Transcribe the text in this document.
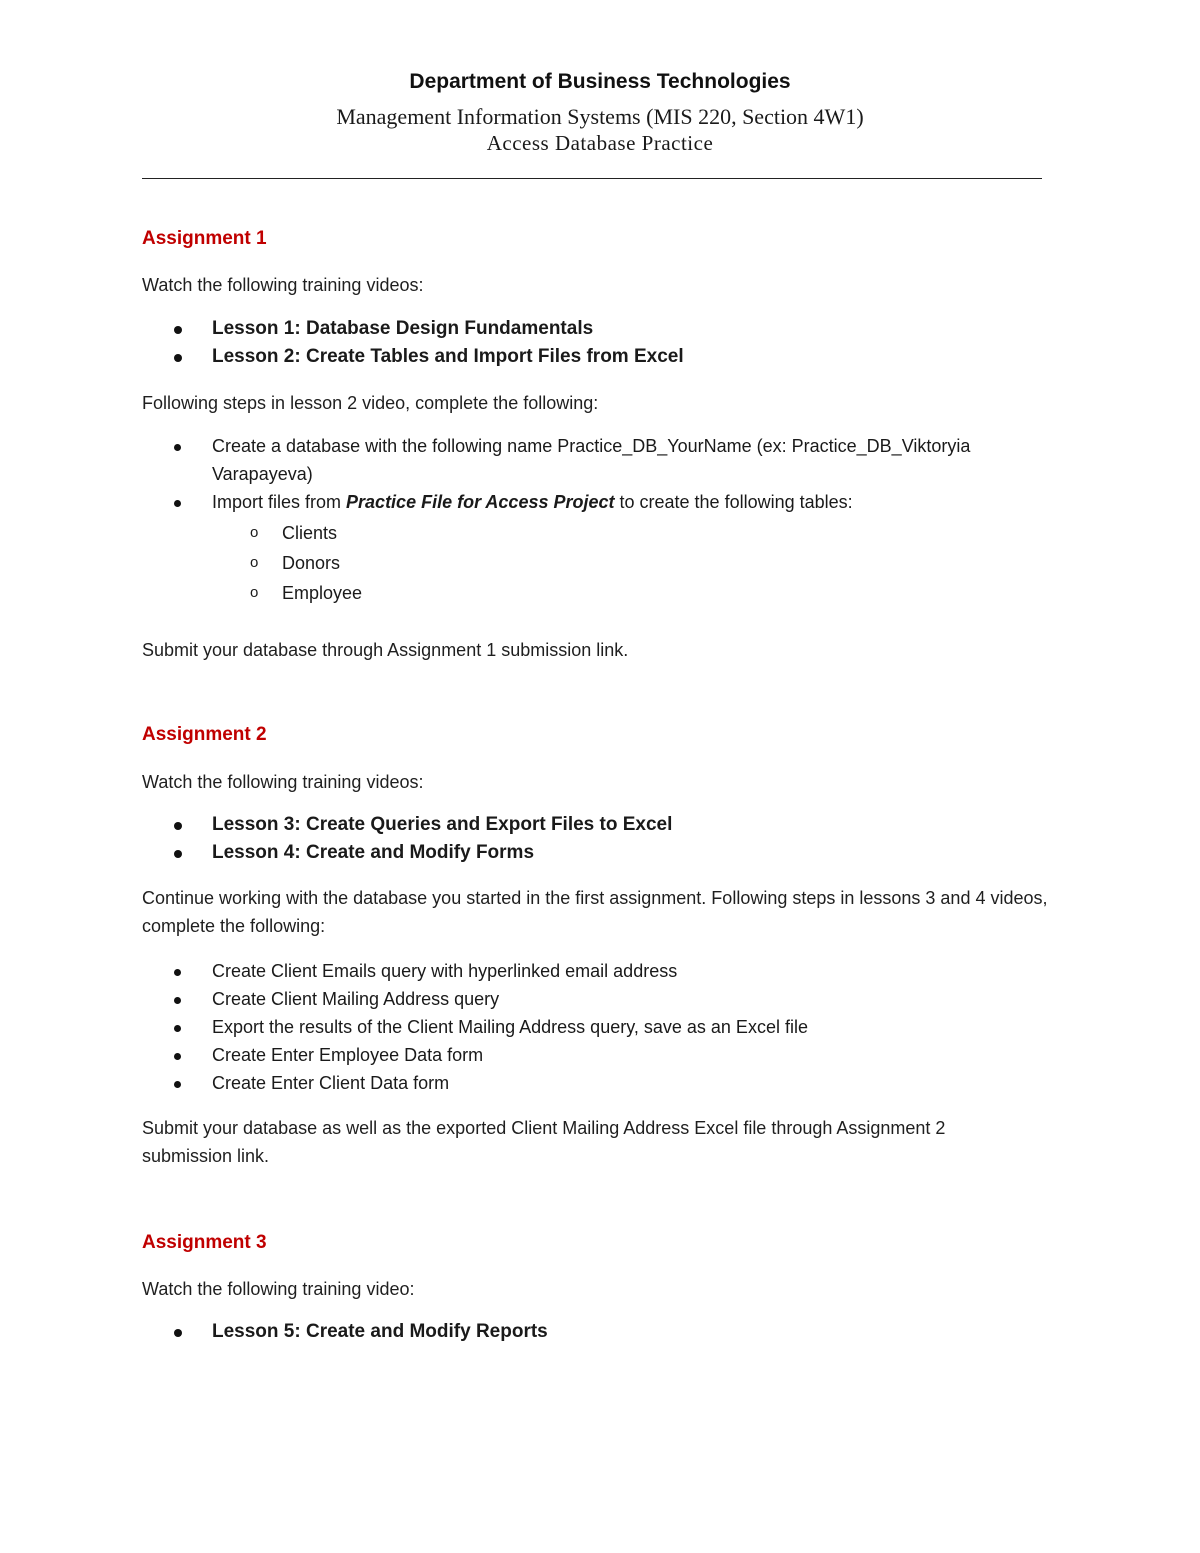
Department of Business Technologies
Management Information Systems (MIS 220, Section 4W1)
Access Database Practice
Assignment 1
Watch the following training videos:
Lesson 1: Database Design Fundamentals
Lesson 2: Create Tables and Import Files from Excel
Following steps in lesson 2 video, complete the following:
Create a database with the following name Practice_DB_YourName (ex: Practice_DB_Viktoryia Varapayeva)
Import files from Practice File for Access Project to create the following tables:
o Clients
o Donors
o Employee
Submit your database through Assignment 1 submission link.
Assignment 2
Watch the following training videos:
Lesson 3: Create Queries and Export Files to Excel
Lesson 4: Create and Modify Forms
Continue working with the database you started in the first assignment. Following steps in lessons 3 and 4 videos, complete the following:
Create Client Emails query with hyperlinked email address
Create Client Mailing Address query
Export the results of the Client Mailing Address query, save as an Excel file
Create Enter Employee Data form
Create Enter Client Data form
Submit your database as well as the exported Client Mailing Address Excel file through Assignment 2 submission link.
Assignment 3
Watch the following training video:
Lesson 5: Create and Modify Reports
